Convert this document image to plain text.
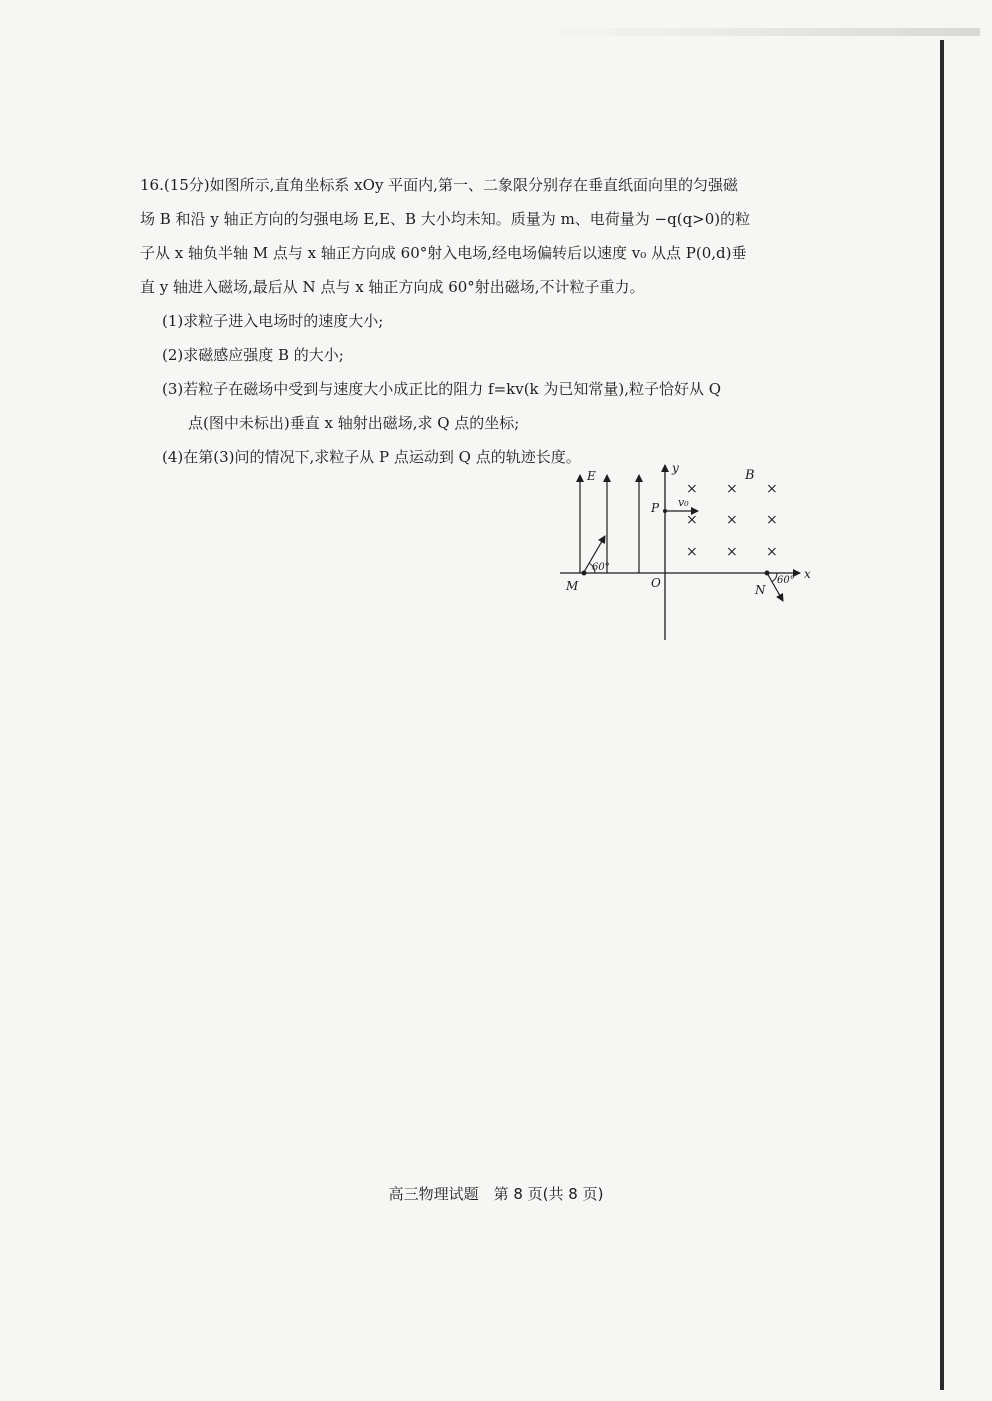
16.(15分)如图所示,直角坐标系 xOy 平面内,第一、二象限分别存在垂直纸面向里的匀强磁
场 B 和沿 y 轴正方向的匀强电场 E,E、B 大小均未知。质量为 m、电荷量为 −q(q>0)的粒
子从 x 轴负半轴 M 点与 x 轴正方向成 60°射入电场,经电场偏转后以速度 v₀ 从点 P(0,d)垂
直 y 轴进入磁场,最后从 N 点与 x 轴正方向成 60°射出磁场,不计粒子重力。
(1)求粒子进入电场时的速度大小;
(2)求磁感应强度 B 的大小;
(3)若粒子在磁场中受到与速度大小成正比的阻力 f=kv(k 为已知常量),粒子恰好从 Q
点(图中未标出)垂直 x 轴射出磁场,求 Q 点的坐标;
(4)在第(3)问的情况下,求粒子从 P 点运动到 Q 点的轨迹长度。
× × ×
× × ×
× × ×
E	B
y
x
P v₀
O
M	N
60°
60°
高三物理试题　第 8 页(共 8 页)
